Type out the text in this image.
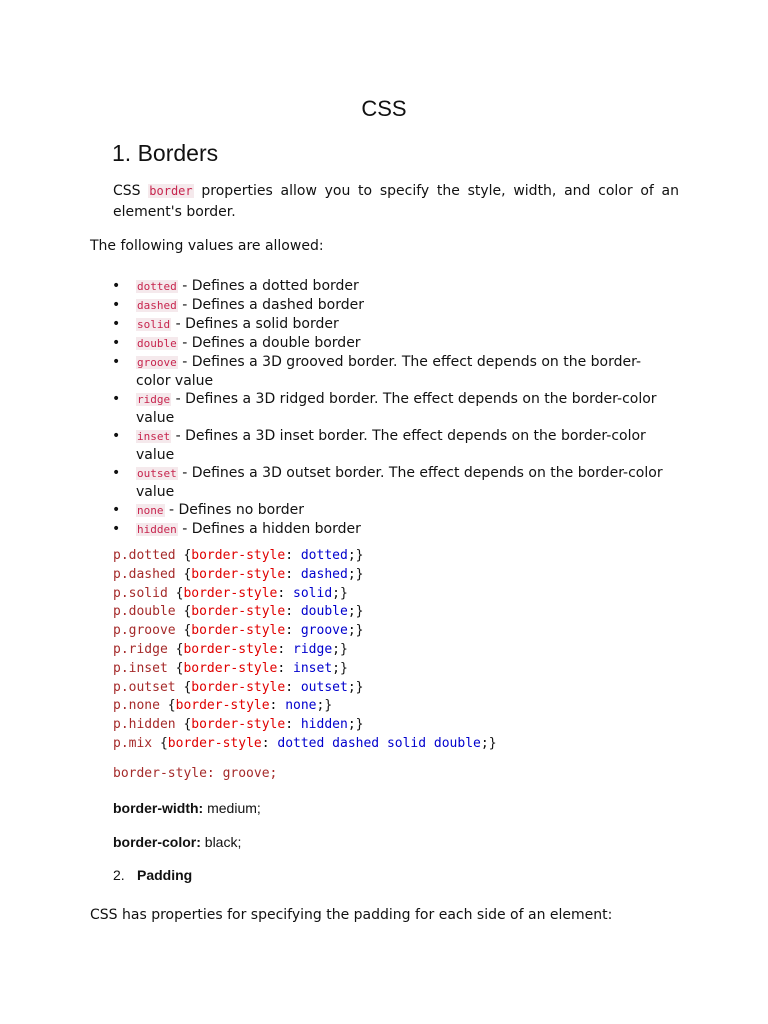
CSS
1. Borders
CSS border properties allow you to specify the style, width, and color of an element's border.
The following values are allowed:
• dotted - Defines a dotted border
• dashed - Defines a dashed border
• solid - Defines a solid border
• double - Defines a double border
• groove - Defines a 3D grooved border. The effect depends on the border-color value
• ridge - Defines a 3D ridged border. The effect depends on the border-color value
• inset - Defines a 3D inset border. The effect depends on the border-color value
• outset - Defines a 3D outset border. The effect depends on the border-color value
• none - Defines no border
• hidden - Defines a hidden border
p.dotted {border-style: dotted;}
p.dashed {border-style: dashed;}
p.solid {border-style: solid;}
p.double {border-style: double;}
p.groove {border-style: groove;}
p.ridge {border-style: ridge;}
p.inset {border-style: inset;}
p.outset {border-style: outset;}
p.none {border-style: none;}
p.hidden {border-style: hidden;}
p.mix {border-style: dotted dashed solid double;}
border-style: groove;
border-width: medium;
border-color: black;
2. Padding
CSS has properties for specifying the padding for each side of an element:
